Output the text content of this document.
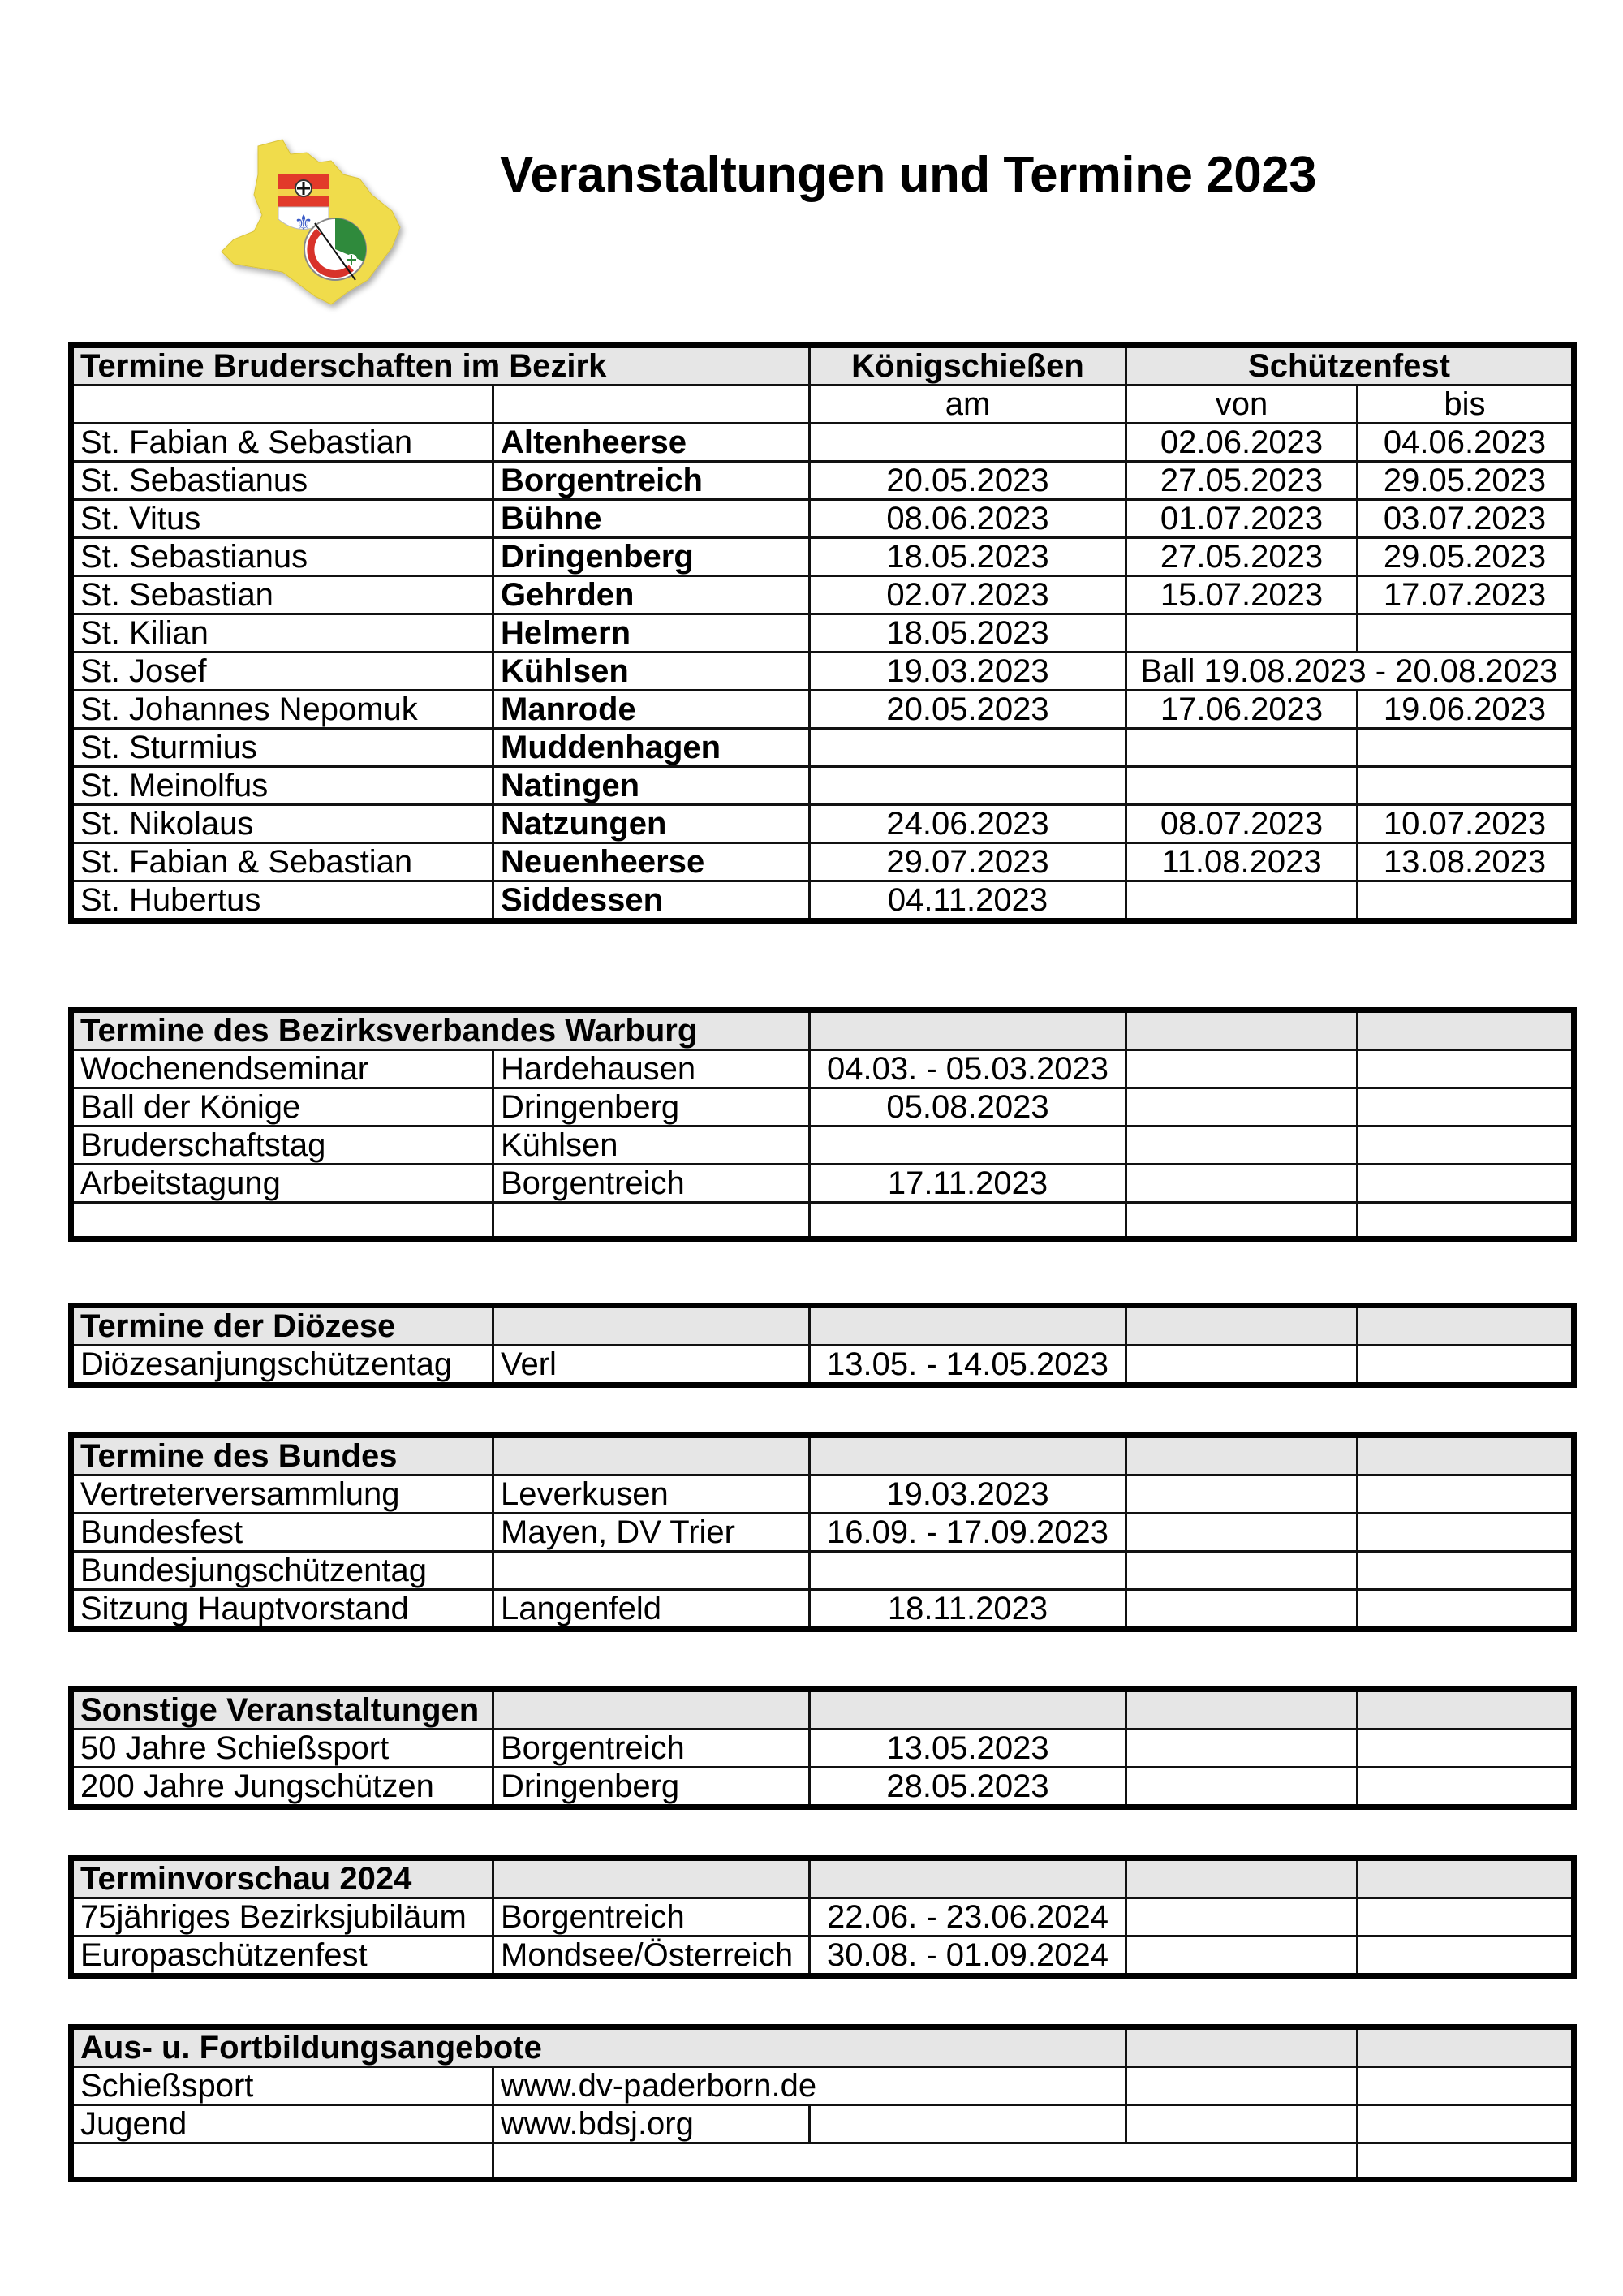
⚜
Veranstaltungen und Termine 2023
Termine Bruderschaften im Bezirk		Königschießen	Schützenfest	
		am	von	bis
St. Fabian & Sebastian	Altenheerse		02.06.2023	04.06.2023
St. Sebastianus	Borgentreich	20.05.2023	27.05.2023	29.05.2023
St. Vitus	Bühne	08.06.2023	01.07.2023	03.07.2023
St. Sebastianus	Dringenberg	18.05.2023	27.05.2023	29.05.2023
St. Sebastian	Gehrden	02.07.2023	15.07.2023	17.07.2023
St. Kilian	Helmern	18.05.2023		
St. Josef	Kühlsen	19.03.2023	Ball 19.08.2023 - 20.08.2023	
St. Johannes Nepomuk	Manrode	20.05.2023	17.06.2023	19.06.2023
St. Sturmius	Muddenhagen			
St. Meinolfus	Natingen			
St. Nikolaus	Natzungen	24.06.2023	08.07.2023	10.07.2023
St. Fabian & Sebastian	Neuenheerse	29.07.2023	11.08.2023	13.08.2023
St. Hubertus	Siddessen	04.11.2023		
Termine des Bezirksverbandes Warburg				
Wochenendseminar	Hardehausen	04.03. - 05.03.2023		
Ball der Könige	Dringenberg	05.08.2023		
Bruderschaftstag	Kühlsen			
Arbeitstagung	Borgentreich	17.11.2023		

Termine der Diözese				
Diözesanjungschützentag	Verl	13.05. - 14.05.2023		
Termine des Bundes				
Vertreterversammlung	Leverkusen	19.03.2023		
Bundesfest	Mayen, DV Trier	16.09. - 17.09.2023		
Bundesjungschützentag				
Sitzung Hauptvorstand	Langenfeld	18.11.2023		
Sonstige Veranstaltungen				
50 Jahre Schießsport	Borgentreich	13.05.2023		
200 Jahre Jungschützen	Dringenberg	28.05.2023		
Terminvorschau 2024				
75jähriges Bezirksjubiläum	Borgentreich	22.06. - 23.06.2024		
Europaschützenfest	Mondsee/Österreich	30.08. - 01.09.2024		
Aus- u. Fortbildungsangebote				
Schießsport	www.dv-paderborn.de			
Jugend	www.bdsj.org			
